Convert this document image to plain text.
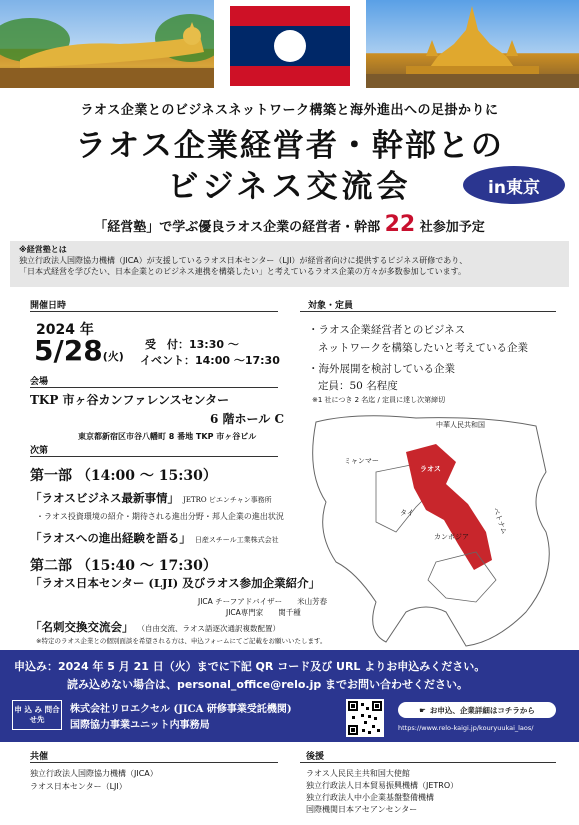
ラオス企業とのビジネスネットワーク構築と海外進出への足掛かりに
ラオス企業経営者・幹部との
ビジネス交流会	in東京
「経営塾」で学ぶ優良ラオス企業の経営者・幹部 22 社参加予定
※経営塾とは
独立行政法人国際協力機構（JICA）が支援しているラオス日本センター（LJI）が経営者向けに提供するビジネス研修であり、
「日本式経営を学びたい、日本企業とのビジネス連携を構築したい」と考えているラオス企業の方々が多数参加しています。
開催日時
2024 年
5/28(火)
受　付：13:30 ～
イベント：14:00 ～17:30
会場
TKP 市ヶ谷カンファレンスセンター
6 階ホール C
東京都新宿区市谷八幡町 8 番地 TKP 市ヶ谷ビル
次第
第一部 （14:00 ～ 15:30）
「ラオスビジネス最新事情」 JETRO ビエンチャン事務所
・ラオス投資環境の紹介・期待される進出分野・邦人企業の進出状況
「ラオスへの進出経験を語る」 日産スチール工業株式会社
第二部 （15:40 ～ 17:30）
「ラオス日本センター (LJI) 及びラオス参加企業紹介」
JICA チーフアドバイザー　　米山芳春
JICA専門家　　関千種
「名刺交換交流会」 （自由交流、ラオス語逐次通訳複数配置）
※特定のラオス企業との個別面談を希望される方は、申込フォームにてご記載をお願いいたします。
対象・定員
・ラオス企業経営者とのビジネス
ネットワークを構築したいと考えている企業
・海外展開を検討している企業
定員：50 名程度
※1 社につき 2 名迄 / 定員に達し次第締切
中華人民共和国
ミャンマー
ラオス
タイ
カンボジア
ベトナム
申込み：2024 年 5 月 21 日（火）までに下記 QR コード及び URL よりお申込みください。
読み込めない場合は、personal_office@relo.jp までお問い合わせください。
申 込 み 問合せ先
株式会社リロエクセル (JICA 研修事業受託機関)
国際協力事業ユニット内事務局
☛ お申込、企業詳細はコチラから
https://www.relo-kaigi.jp/kouryuukai_laos/
共催
独立行政法人国際協力機構（JICA）
ラオス日本センター（LJI）
後援
ラオス人民民主共和国大使館
独立行政法人日本貿易振興機構（JETRO）
独立行政法人中小企業基盤整備機構
国際機関日本アセアンセンター
